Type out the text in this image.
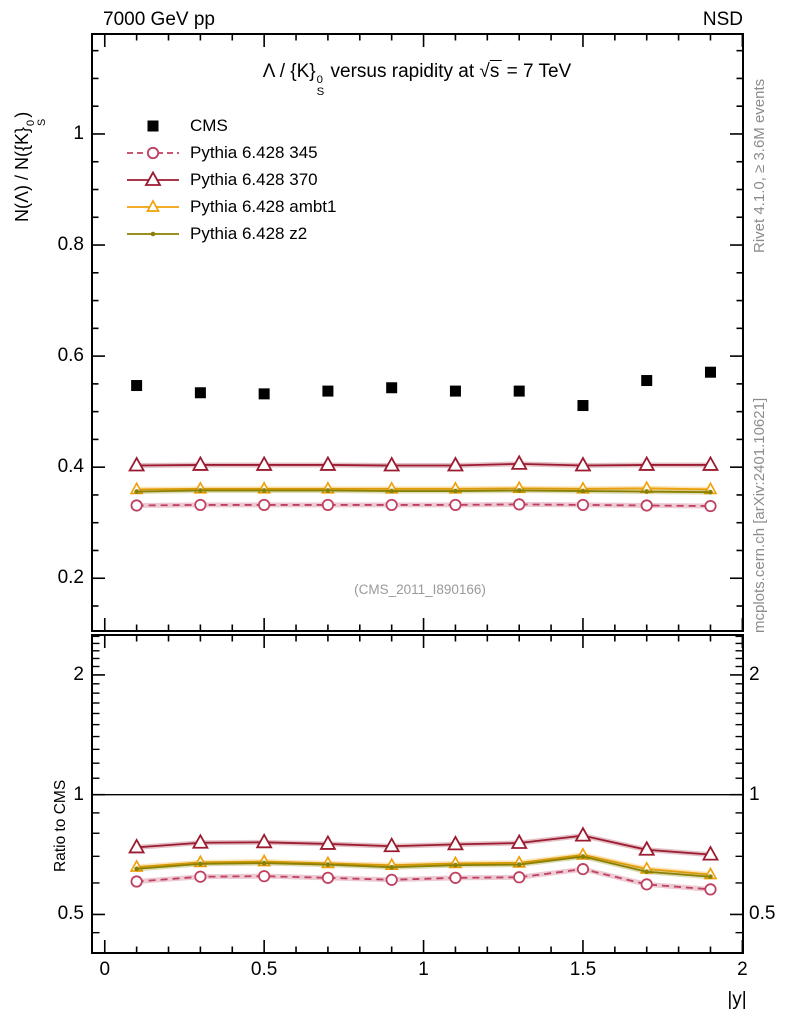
7000 GeV pp	NSD
Λ / {K} 0
S
versus rapidity at √s = 7 TeV
N(Λ) / N({K}
0 S
)
Ratio to CMS
|y|
CMS
Pythia 6.428 345
Pythia 6.428 370
Pythia 6.428 ambt1
Pythia 6.428 z2
(CMS_2011_I890166)
Rivet 4.1.0, ≥ 3.6M events
mcplots.cern.ch [arXiv:2401.10621]
0.2
0.4
0.6
0.8
1
0.5	0.5
1	1
2	2
0	0.5	1	1.5	2
